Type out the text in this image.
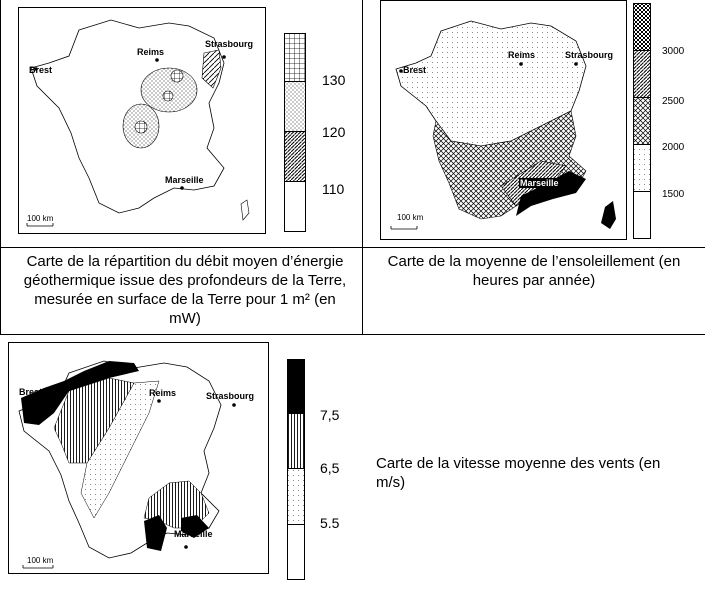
Brest
Reims
Strasbourg
Marseille
100 km
130
120
110
Carte de la répartition du débit moyen d’énergie géothermique issue des profondeurs de la Terre, mesurée en surface de la Terre pour 1 m² (en mW)
Brest
Reims	Strasbourg
Marseille
100 km
3000
2500
2000
1500
Carte de la moyenne de l’ensoleillement (en heures par année)
Brest	Reims	Strasbourg
Marseille
100 km
7,5
6,5
5.5
Carte de la vitesse moyenne des vents (en m/s)
